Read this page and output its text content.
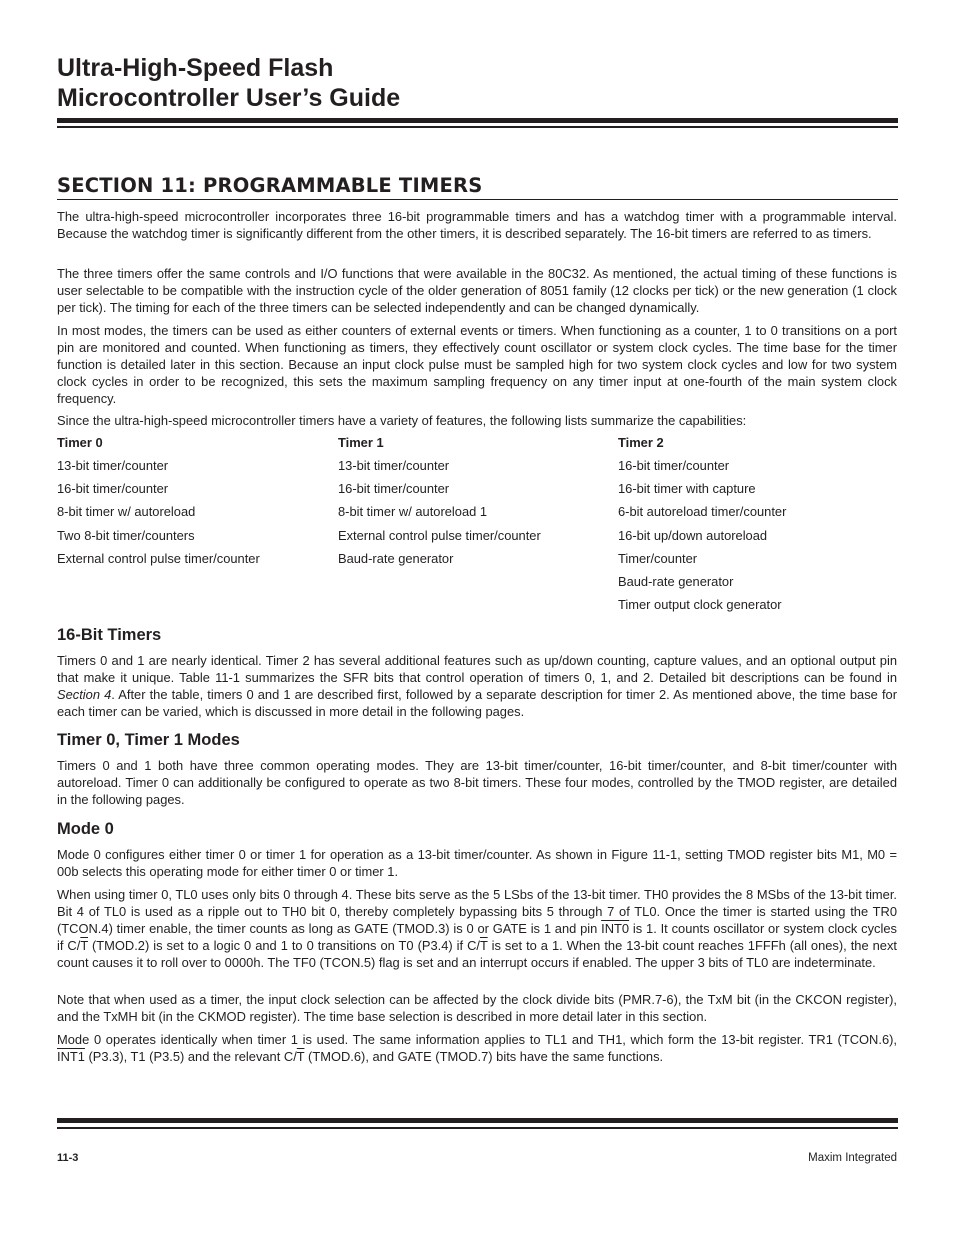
Ultra-High-Speed Flash
Microcontroller User’s Guide
SECTION 11: PROGRAMMABLE TIMERS

The ultra-high-speed microcontroller incorporates three 16-bit programmable timers and has a watchdog timer with a programmable interval. Because the watchdog timer is significantly different from the other timers, it is described separately. The 16-bit timers are referred to as timers.

The three timers offer the same controls and I/O functions that were available in the 80C32. As mentioned, the actual timing of these functions is user selectable to be compatible with the instruction cycle of the older generation of 8051 family (12 clocks per tick) or the new generation (1 clock per tick). The timing for each of the three timers can be selected independently and can be changed dynamically.

In most modes, the timers can be used as either counters of external events or timers. When functioning as a counter, 1 to 0 transitions on a port pin are monitored and counted. When functioning as timers, they effectively count oscillator or system clock cycles. The time base for the timer function is detailed later in this section. Because an input clock pulse must be sampled high for two system clock cycles and low for two system clock cycles in order to be recognized, this sets the maximum sampling frequency on any timer input at one-fourth of the main system clock frequency.

Since the ultra-high-speed microcontroller timers have a variety of features, the following lists summarize the capabilities:

Timer 0
13-bit timer/counter
16-bit timer/counter
8-bit timer w/ autoreload
Two 8-bit timer/counters
External control pulse timer/counter
Timer 1
13-bit timer/counter
16-bit timer/counter
8-bit timer w/ autoreload 1
External control pulse timer/counter
Baud-rate generator
Timer 2
16-bit timer/counter
16-bit timer with capture
6-bit autoreload timer/counter
16-bit up/down autoreload
Timer/counter
Baud-rate generator
Timer output clock generator
16-Bit Timers

Timers 0 and 1 are nearly identical. Timer 2 has several additional features such as up/down counting, capture values, and an optional output pin that make it unique. Table 11-1 summarizes the SFR bits that control operation of timers 0, 1, and 2. Detailed bit descriptions can be found in Section 4. After the table, timers 0 and 1 are described first, followed by a separate description for timer 2. As mentioned above, the time base for each timer can be varied, which is discussed in more detail in the following pages.

Timer 0, Timer 1 Modes

Timers 0 and 1 both have three common operating modes. They are 13-bit timer/counter, 16-bit timer/counter, and 8-bit timer/counter with autoreload. Timer 0 can additionally be configured to operate as two 8-bit timers. These four modes, controlled by the TMOD register, are detailed in the following pages.

Mode 0

Mode 0 configures either timer 0 or timer 1 for operation as a 13-bit timer/counter. As shown in Figure 11-1, setting TMOD register bits M1, M0 = 00b selects this operating mode for either timer 0 or timer 1.

When using timer 0, TL0 uses only bits 0 through 4. These bits serve as the 5 LSbs of the 13-bit timer. TH0 provides the 8 MSbs of the 13-bit timer. Bit 4 of TL0 is used as a ripple out to TH0 bit 0, thereby completely bypassing bits 5 through 7 of TL0. Once the timer is started using the TR0 (TCON.4) timer enable, the timer counts as long as GATE (TMOD.3) is 0 or GATE is 1 and pin INT0 is 1. It counts oscillator or system clock cycles if $C/\overline{T}$ (TMOD.2) is set to a logic 0 and 1 to 0 transitions on T0 (P3.4) if $C/\overline{T}$ is set to a 1. When the 13-bit count reaches 1FFFh (all ones), the next count causes it to roll over to 0000h. The TF0 (TCON.5) flag is set and an interrupt occurs if enabled. The upper 3 bits of TL0 are indeterminate.

Note that when used as a timer, the input clock selection can be affected by the clock divide bits (PMR.7-6), the TxM bit (in the CKCON register), and the TxMH bit (in the CKMOD register). The time base selection is described in more detail later in this section.

Mode 0 operates identically when timer 1 is used. The same information applies to TL1 and TH1, which form the 13-bit register. TR1 (TCON.6), INT1 (P3.3), T1 (P3.5) and the relevant $C/\overline{T}$ (TMOD.6), and GATE (TMOD.7) bits have the same functions.

11-3	Maxim Integrated
